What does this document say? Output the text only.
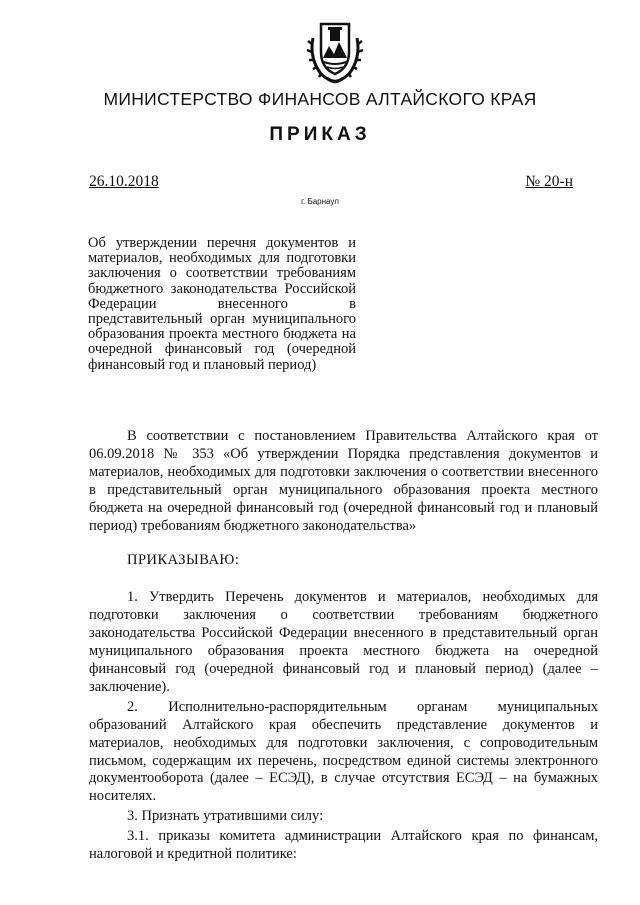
МИНИСТЕРСТВО ФИНАНСОВ АЛТАЙСКОГО КРАЯ
ПРИКАЗ
26.10.2018	№ 20-н
г. Барнаул
Об утверждении перечня документов и материалов, необходимых для подготовки заключения о соответствии требованиям бюджетного законодательства Российской Федерации внесенного в представительный орган муниципального образования проекта местного бюджета на очередной финансовый год (очередной финансовый год и плановый период)

В соответствии с постановлением Правительства Алтайского края от 06.09.2018 № 353 «Об утверждении Порядка представления документов и материалов, необходимых для подготовки заключения о соответствии внесенного в представительный орган муниципального образования проекта местного бюджета на очередной финансовый год (очередной финансовый год и плановый период) требованиям бюджетного законодательства»

ПРИКАЗЫВАЮ:

1. Утвердить Перечень документов и материалов, необходимых для подготовки заключения о соответствии требованиям бюджетного законодательства Российской Федерации внесенного в представительный орган муниципального образования проекта местного бюджета на очередной финансовый год (очередной финансовый год и плановый период) (далее – заключение).

2. Исполнительно-распорядительным органам муниципальных образований Алтайского края обеспечить представление документов и материалов, необходимых для подготовки заключения, с сопроводительным письмом, содержащим их перечень, посредством единой системы электронного документооборота (далее – ЕСЭД), в случае отсутствия ЕСЭД – на бумажных носителях.

3. Признать утратившими силу:

3.1. приказы комитета администрации Алтайского края по финансам, налоговой и кредитной политике:
